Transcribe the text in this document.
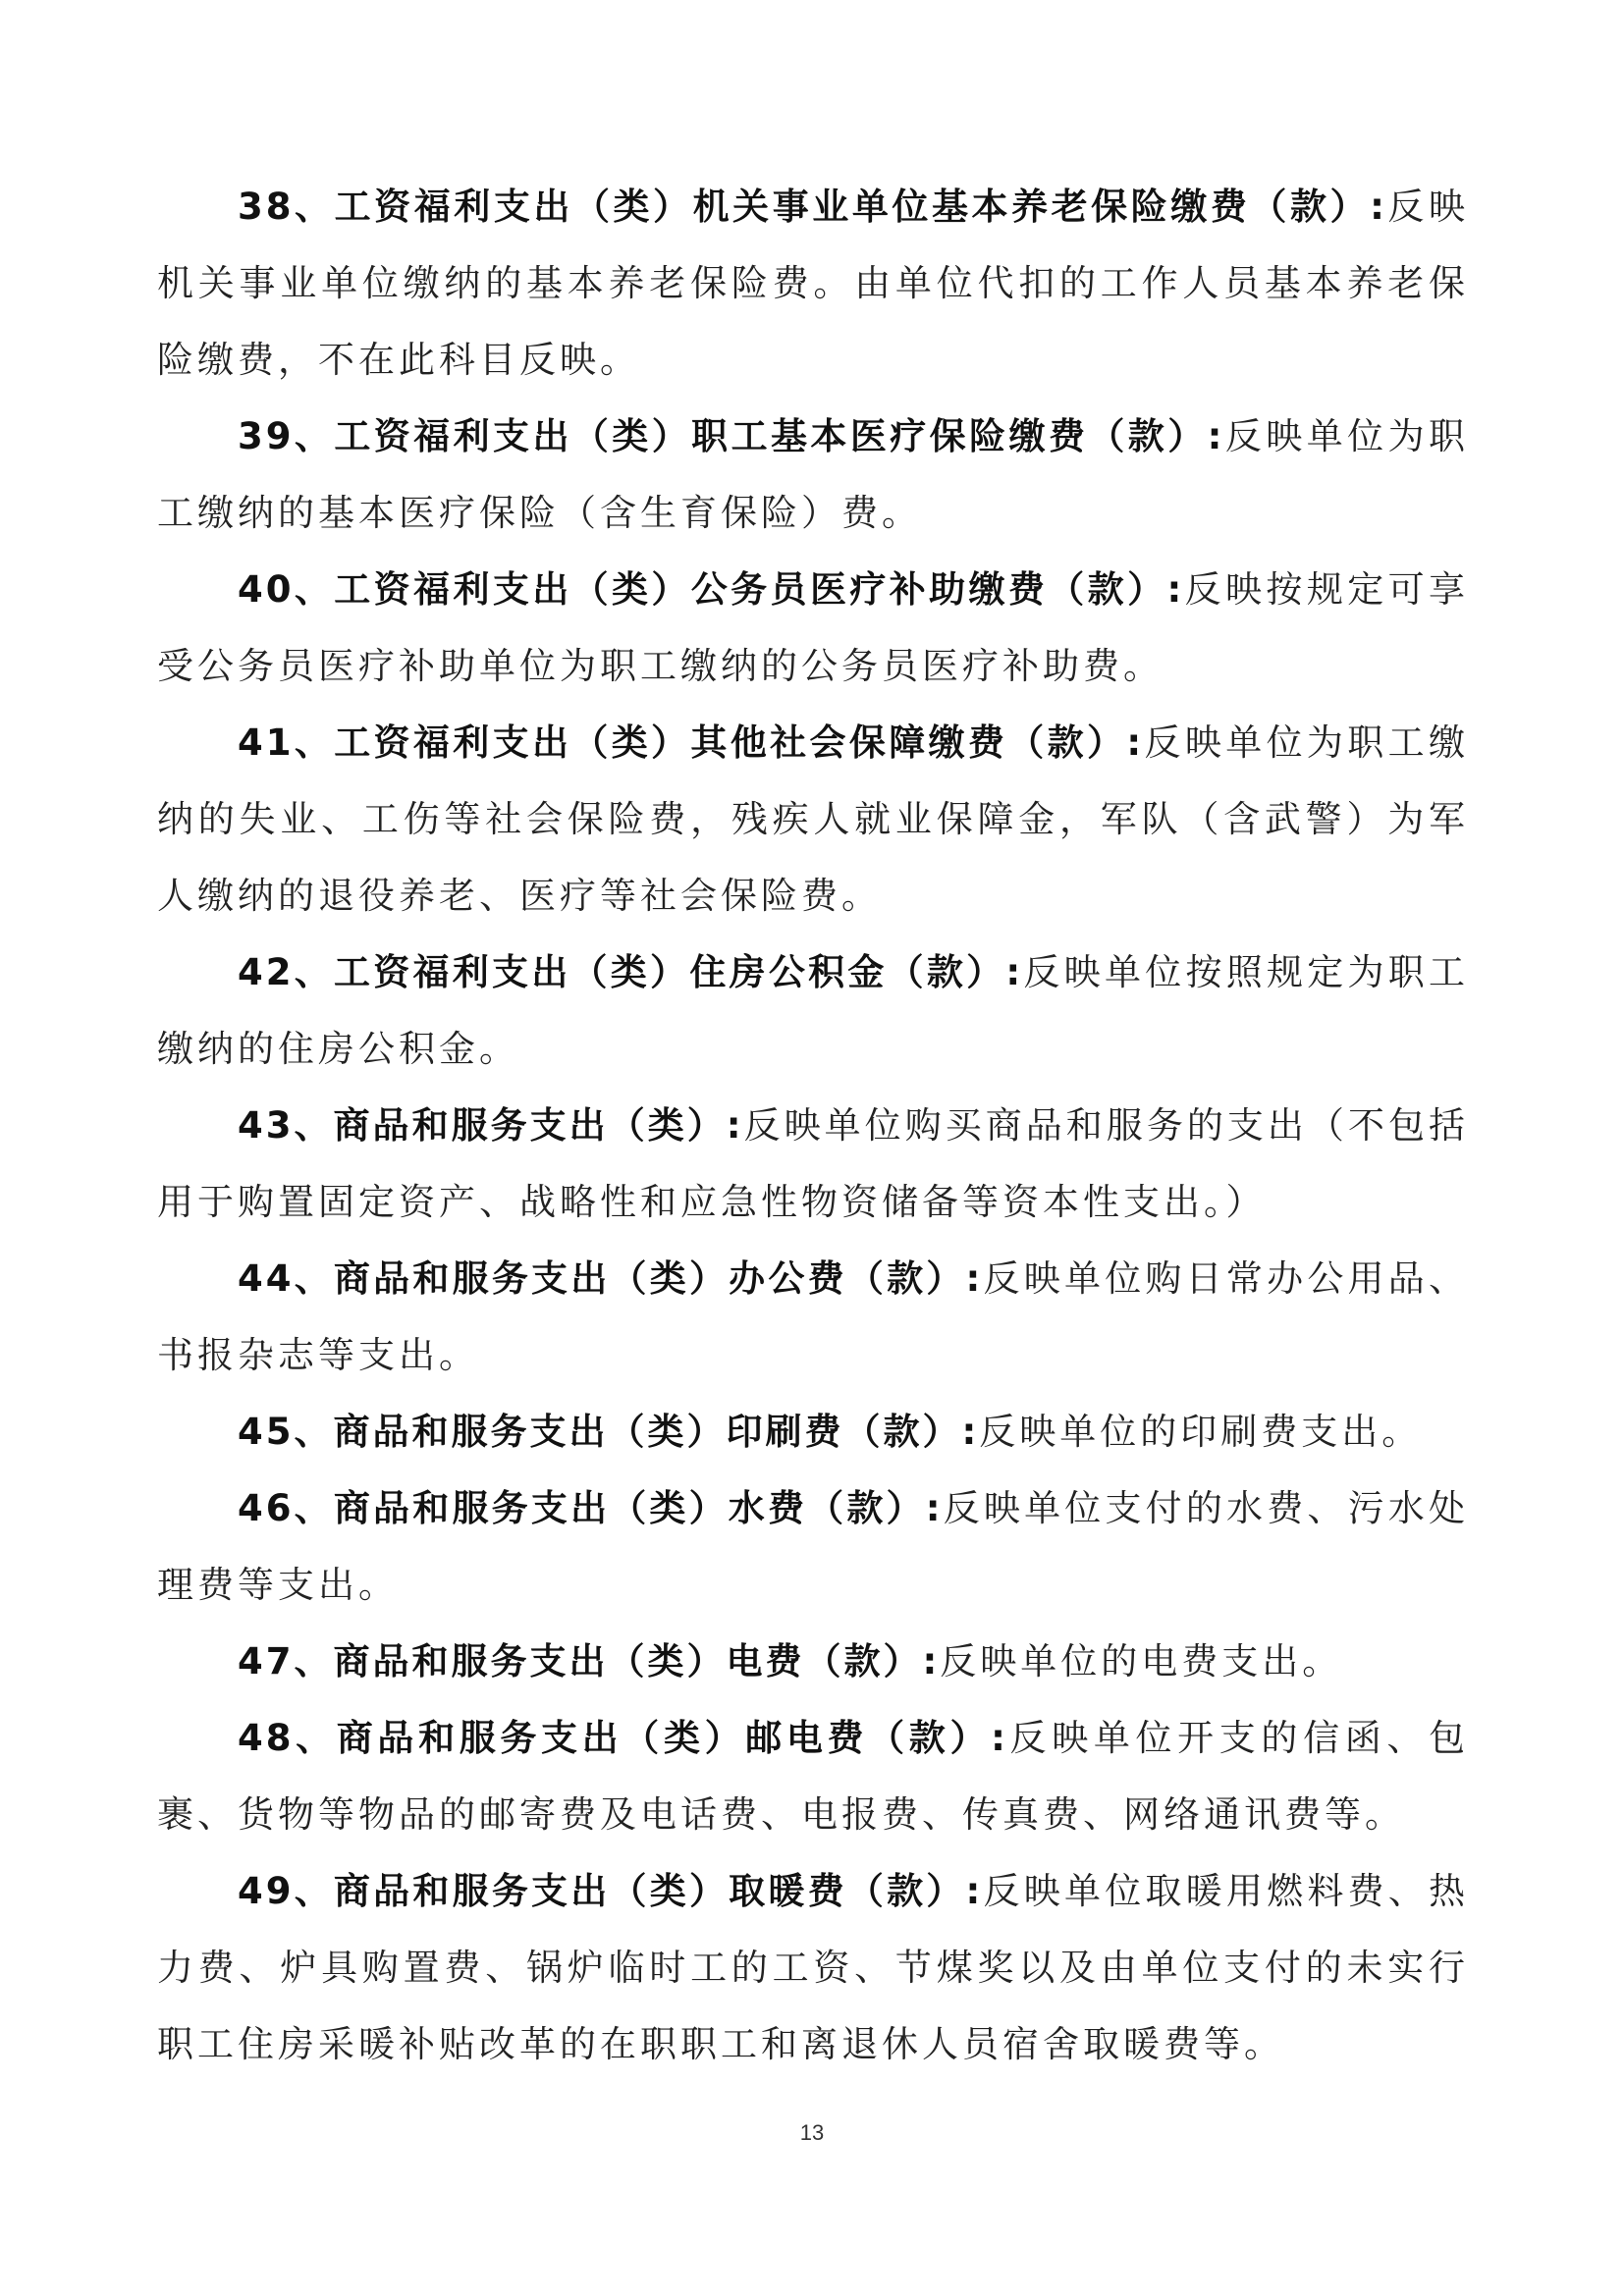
38、工资福利支出（类）机关事业单位基本养老保险缴费（款）:反映机关事业单位缴纳的基本养老保险费。由单位代扣的工作人员基本养老保险缴费，不在此科目反映。

39、工资福利支出（类）职工基本医疗保险缴费（款）:反映单位为职工缴纳的基本医疗保险（含生育保险）费。

40、工资福利支出（类）公务员医疗补助缴费（款）:反映按规定可享受公务员医疗补助单位为职工缴纳的公务员医疗补助费。

41、工资福利支出（类）其他社会保障缴费（款）:反映单位为职工缴纳的失业、工伤等社会保险费，残疾人就业保障金，军队（含武警）为军人缴纳的退役养老、医疗等社会保险费。

42、工资福利支出（类）住房公积金（款）:反映单位按照规定为职工缴纳的住房公积金。

43、商品和服务支出（类）:反映单位购买商品和服务的支出（不包括用于购置固定资产、战略性和应急性物资储备等资本性支出。）

44、商品和服务支出（类）办公费（款）:反映单位购日常办公用品、书报杂志等支出。

45、商品和服务支出（类）印刷费（款）:反映单位的印刷费支出。

46、商品和服务支出（类）水费（款）:反映单位支付的水费、污水处理费等支出。

47、商品和服务支出（类）电费（款）:反映单位的电费支出。

48、商品和服务支出（类）邮电费（款）:反映单位开支的信函、包裹、货物等物品的邮寄费及电话费、电报费、传真费、网络通讯费等。

49、商品和服务支出（类）取暖费（款）:反映单位取暖用燃料费、热力费、炉具购置费、锅炉临时工的工资、节煤奖以及由单位支付的未实行职工住房采暖补贴改革的在职职工和离退休人员宿舍取暖费等。

13
